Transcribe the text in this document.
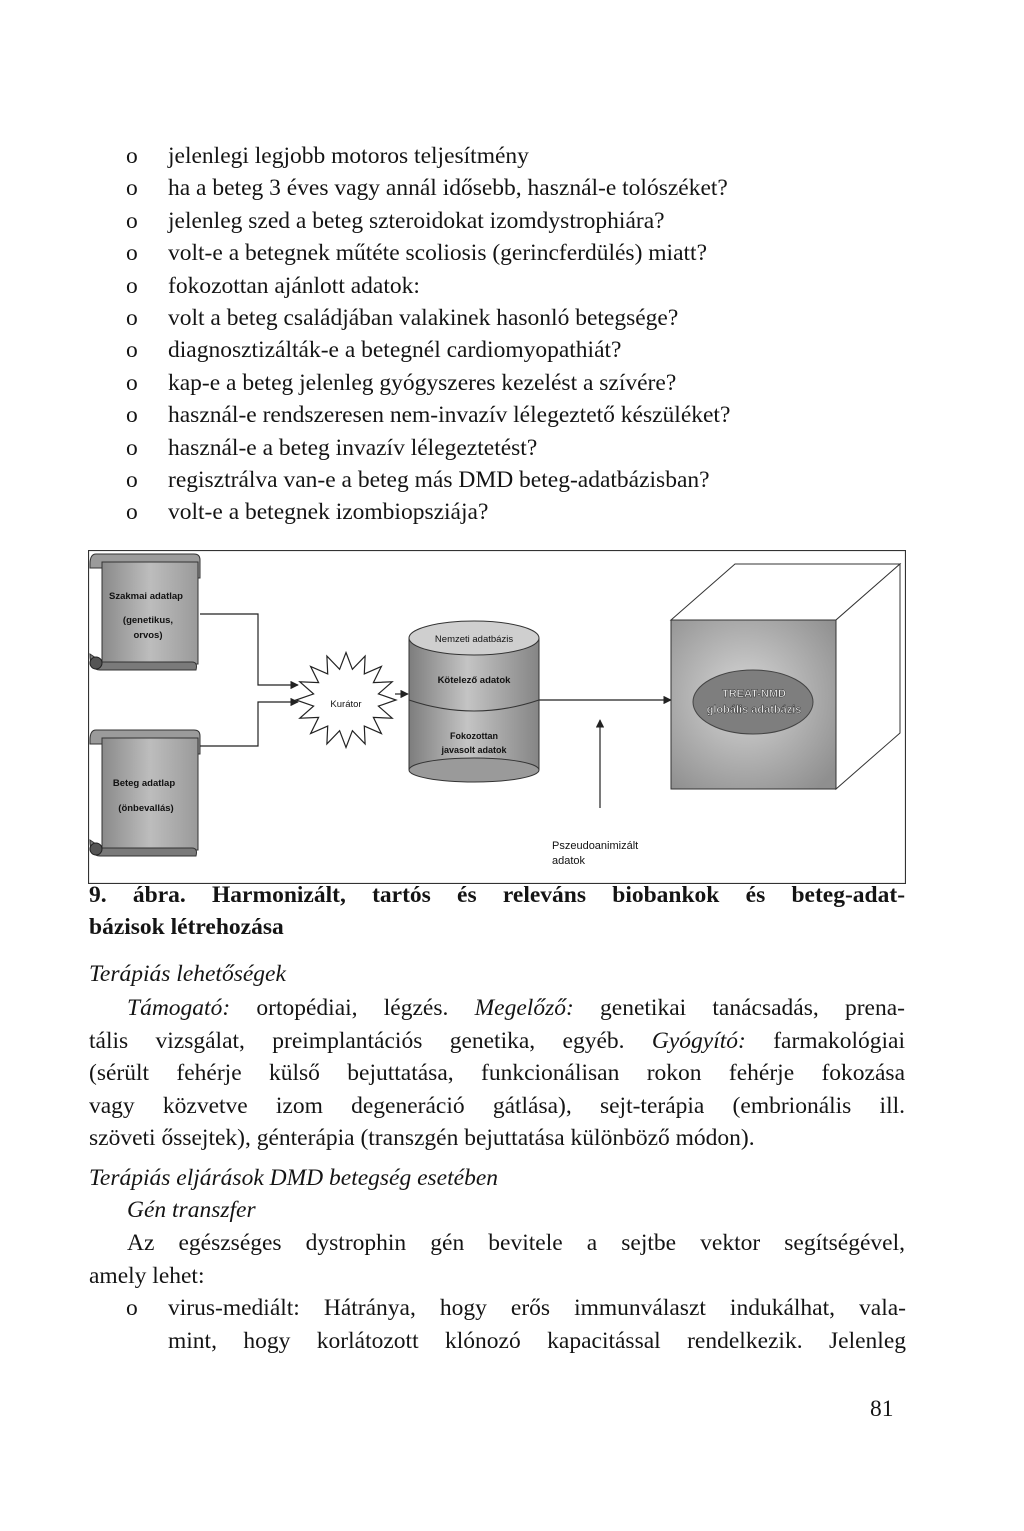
o jelenlegi legjobb motoros teljesítmény
o ha a beteg 3 éves vagy annál idősebb, használ-e tolószéket?
o jelenleg szed a beteg szteroidokat izomdystrophiára?
o volt-e a betegnek műtéte scoliosis (gerincferdülés) miatt?
o fokozottan ajánlott adatok:
o volt a beteg családjában valakinek hasonló betegsége?
o diagnosztizálták-e a betegnél cardiomyopathiát?
o kap-e a beteg jelenleg gyógyszeres kezelést a szívére?
o használ-e rendszeresen nem-invazív lélegeztető készüléket?
o használ-e a beteg invazív lélegeztetést?
o regisztrálva van-e a beteg más DMD beteg-adatbázisban?
o volt-e a betegnek izombiopsziája?
Szakmai adatlap
(genetikus,
orvos)
Beteg adatlap
(önbevallás)
Kurátor
Nemzeti adatbázis
Kötelező adatok
Fokozottan
javasolt adatok
TREAT-NMD
globális adatbázis
Pszeudoanimizált
adatok
9. ábra. Harmonizált, tartós és releváns biobankok és beteg-adat-
bázisok létrehozása
Terápiás lehetőségek
Támogató: ortopédiai, légzés. Megelőző: genetikai tanácsadás, prena-
tális vizsgálat, preimplantációs genetika, egyéb. Gyógyító: farmakológiai
(sérült fehérje külső bejuttatása, funkcionálisan rokon fehérje fokozása
vagy közvetve izom degeneráció gátlása), sejt-terápia (embrionális ill.
szöveti őssejtek), génterápia (transzgén bejuttatása különböző módon).
Terápiás eljárások DMD betegség esetében
Gén transzfer
Az egészséges dystrophin gén bevitele a sejtbe vektor segítségével,
amely lehet:
o virus-mediált: Hátránya, hogy erős immunválaszt indukálhat, vala-
mint, hogy korlátozott klónozó kapacitással rendelkezik. Jelenleg
81
